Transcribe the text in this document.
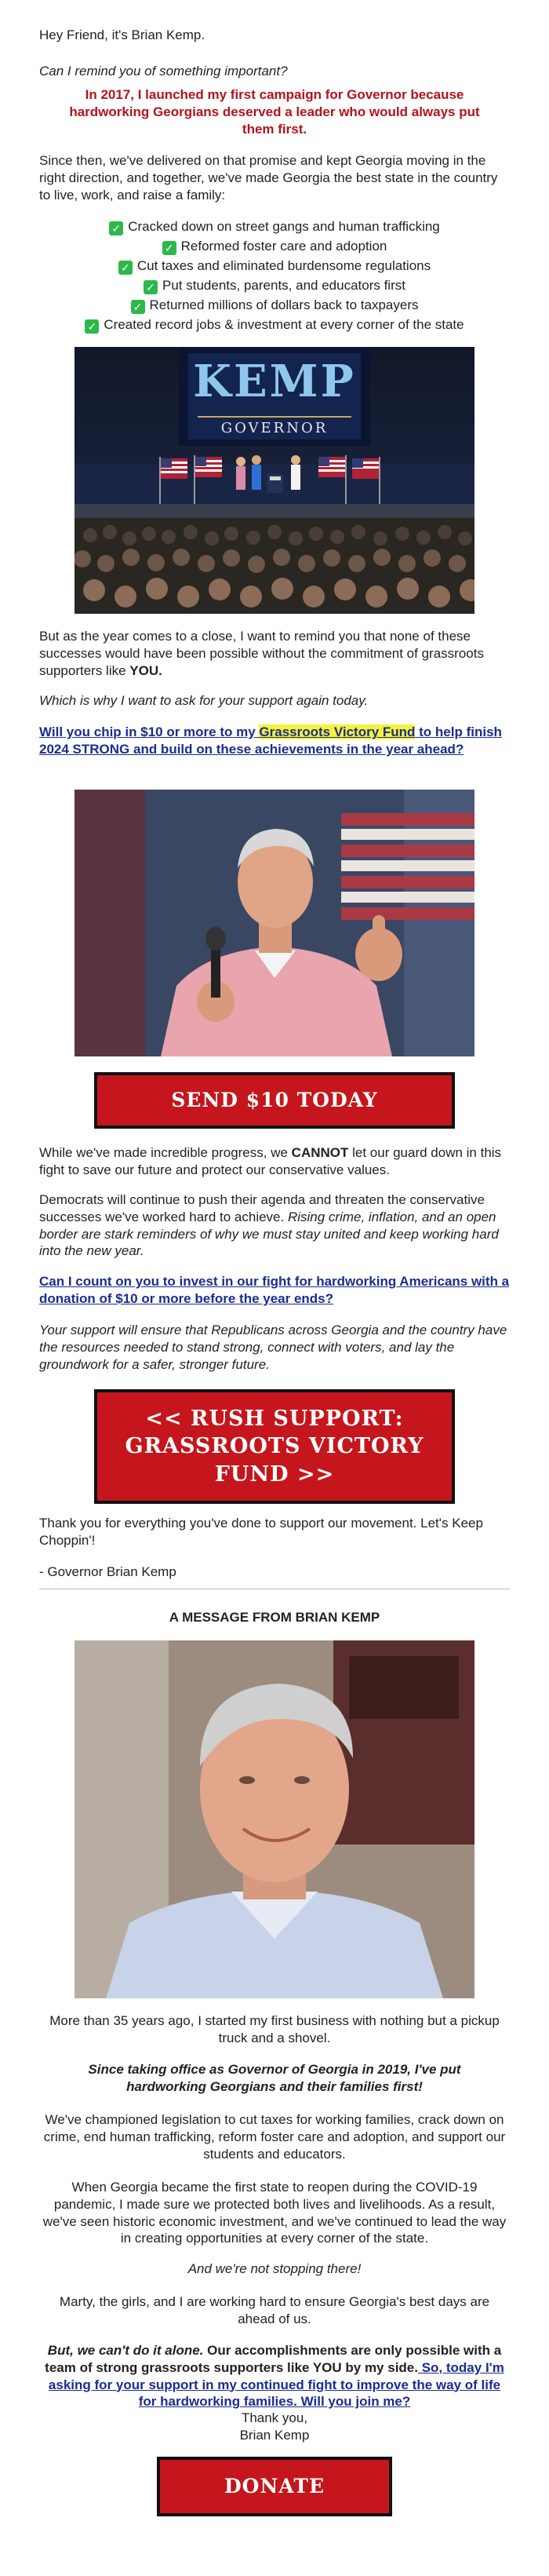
Hey Friend, it's Brian Kemp.

Can I remind you of something important?

In 2017, I launched my first campaign for Governor because hardworking Georgians deserved a leader who would always put them first.

Since then, we've delivered on that promise and kept Georgia moving in the right direction, and together, we've made Georgia the best state in the country to live, work, and raise a family:

✓ Cracked down on street gangs and human trafficking
✓ Reformed foster care and adoption
✓ Cut taxes and eliminated burdensome regulations
✓ Put students, parents, and educators first
✓ Returned millions of dollars back to taxpayers
✓ Created record jobs & investment at every corner of the state
KEMP
GOVERNOR

But as the year comes to a close, I want to remind you that none of these successes would have been possible without the commitment of grassroots supporters like YOU.

Which is why I want to ask for your support again today.

Will you chip in $10 or more to my Grassroots Victory Fund to help finish 2024 STRONG and build on these achievements in the year ahead?

SEND $10 TODAY

While we've made incredible progress, we CANNOT let our guard down in this fight to save our future and protect our conservative values.

Democrats will continue to push their agenda and threaten the conservative successes we've worked hard to achieve. Rising crime, inflation, and an open border are stark reminders of why we must stay united and keep working hard into the new year.

Can I count on you to invest in our fight for hardworking Americans with a donation of $10 or more before the year ends?

Your support will ensure that Republicans across Georgia and the country have the resources needed to stand strong, connect with voters, and lay the groundwork for a safer, stronger future.

<< RUSH SUPPORT: GRASSROOTS VICTORY FUND >>

Thank you for everything you've done to support our movement. Let's Keep Choppin'!

- Governor Brian Kemp

A MESSAGE FROM BRIAN KEMP

More than 35 years ago, I started my first business with nothing but a pickup truck and a shovel.

Since taking office as Governor of Georgia in 2019, I've put hardworking Georgians and their families first!

We've championed legislation to cut taxes for working families, crack down on crime, end human trafficking, reform foster care and adoption, and support our students and educators.

When Georgia became the first state to reopen during the COVID-19 pandemic, I made sure we protected both lives and livelihoods. As a result, we've seen historic economic investment, and we've continued to lead the way in creating opportunities at every corner of the state.

And we're not stopping there!

Marty, the girls, and I are working hard to ensure Georgia's best days are ahead of us.

But, we can't do it alone. Our accomplishments are only possible with a team of strong grassroots supporters like YOU by my side. So, today I'm asking for your support in my continued fight to improve the way of life for hardworking families. Will you join me?

Thank you,

Brian Kemp

DONATE
